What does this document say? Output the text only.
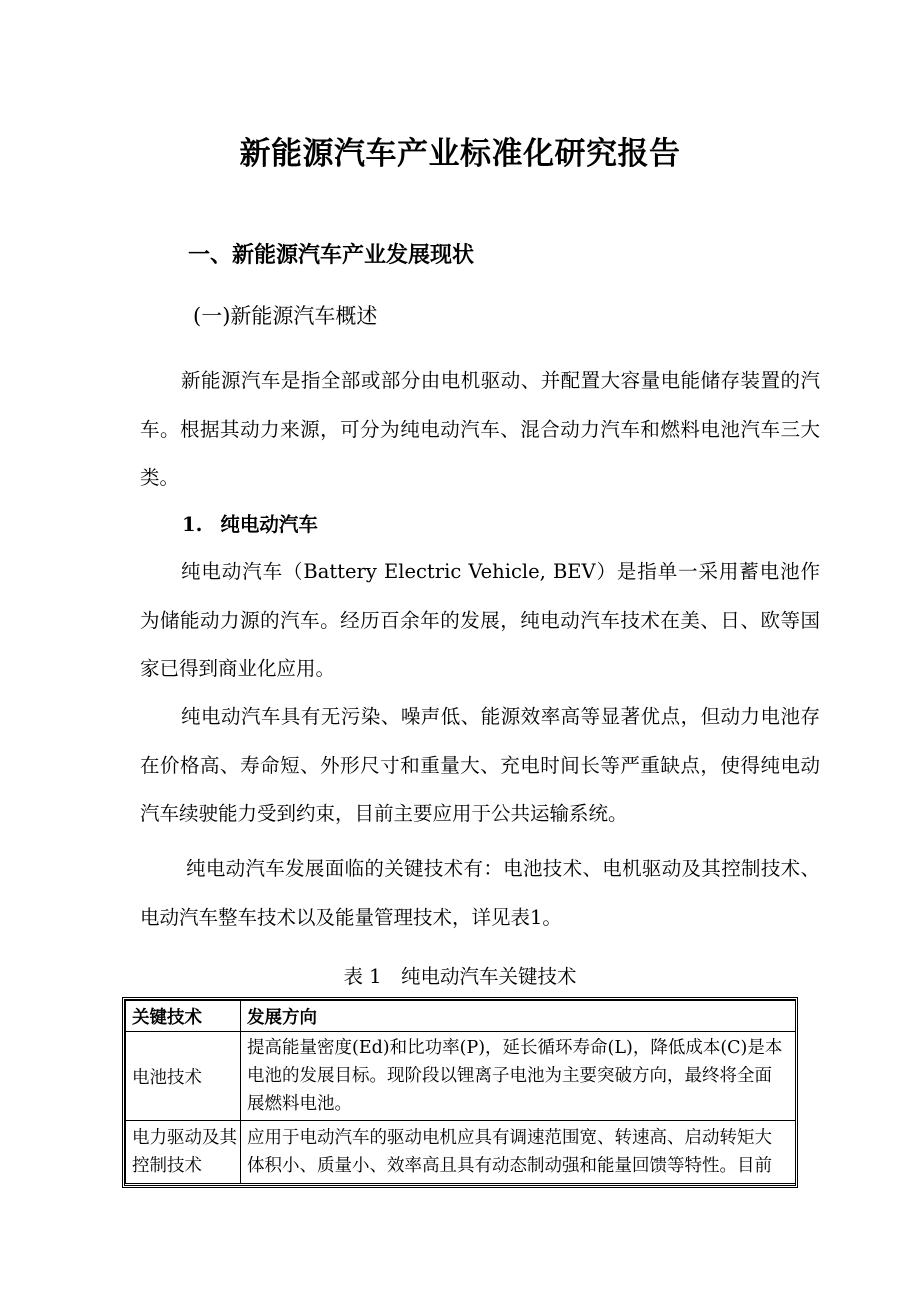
新能源汽车产业标准化研究报告
一、新能源汽车产业发展现状
(一)新能源汽车概述
新能源汽车是指全部或部分由电机驱动、并配置大容量电能储存装置的汽车。根据其动力来源，可分为纯电动汽车、混合动力汽车和燃料电池汽车三大类。
1. 纯电动汽车
纯电动汽车（Battery Electric Vehicle, BEV）是指单一采用蓄电池作为储能动力源的汽车。经历百余年的发展，纯电动汽车技术在美、日、欧等国家已得到商业化应用。
纯电动汽车具有无污染、噪声低、能源效率高等显著优点，但动力电池存在价格高、寿命短、外形尺寸和重量大、充电时间长等严重缺点，使得纯电动汽车续驶能力受到约束，目前主要应用于公共运输系统。
纯电动汽车发展面临的关键技术有：电池技术、电机驱动及其控制技术、电动汽车整车技术以及能量管理技术，详见表1。
表 1　纯电动汽车关键技术
关键技术	发展方向
电池技术	提高能量密度(Ed)和比功率(P)，延长循环寿命(L)，降低成本(C)是本
电池的发展目标。现阶段以锂离子电池为主要突破方向，最终将全面
展燃料电池。

电力驱动及其控制技术	应用于电动汽车的驱动电机应具有调速范围宽、转速高、启动转矩大
体积小、质量小、效率高且具有动态制动强和能量回馈等特性。目前
